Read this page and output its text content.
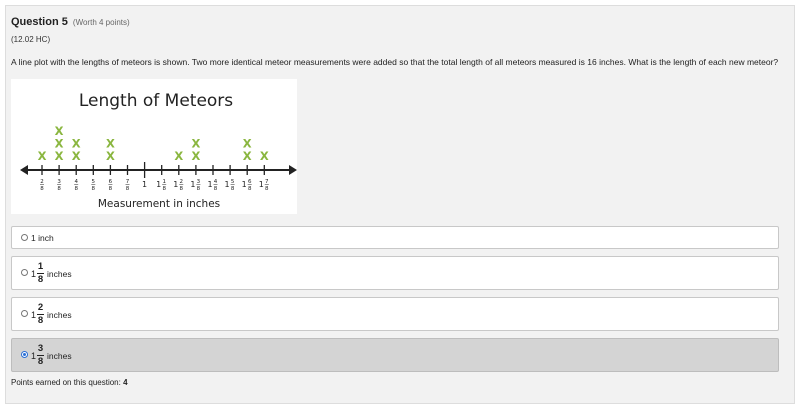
Question 5 (Worth 4 points)
(12.02 HC)
A line plot with the lengths of meteors is shown. Two more identical meteor measurements were added so that the total length of all meteors measured is 16 inches. What is the length of each new meteor?
Length of Meteors
X X
X
X
X
X
X
X
X X
X
X
X
X
2
8
3
8
4
8
5
8
6
8
7
8 1 1 1
8 1 2
8 1 3
8 1 4
8 1 5
8 1 6
8 1 7
8
Measurement in inches
1 inch
$1 \frac{1}{8}$ inches
$1 \frac{2}{8}$ inches
$1 \frac{3}{8}$ inches
Points earned on this question: 4
